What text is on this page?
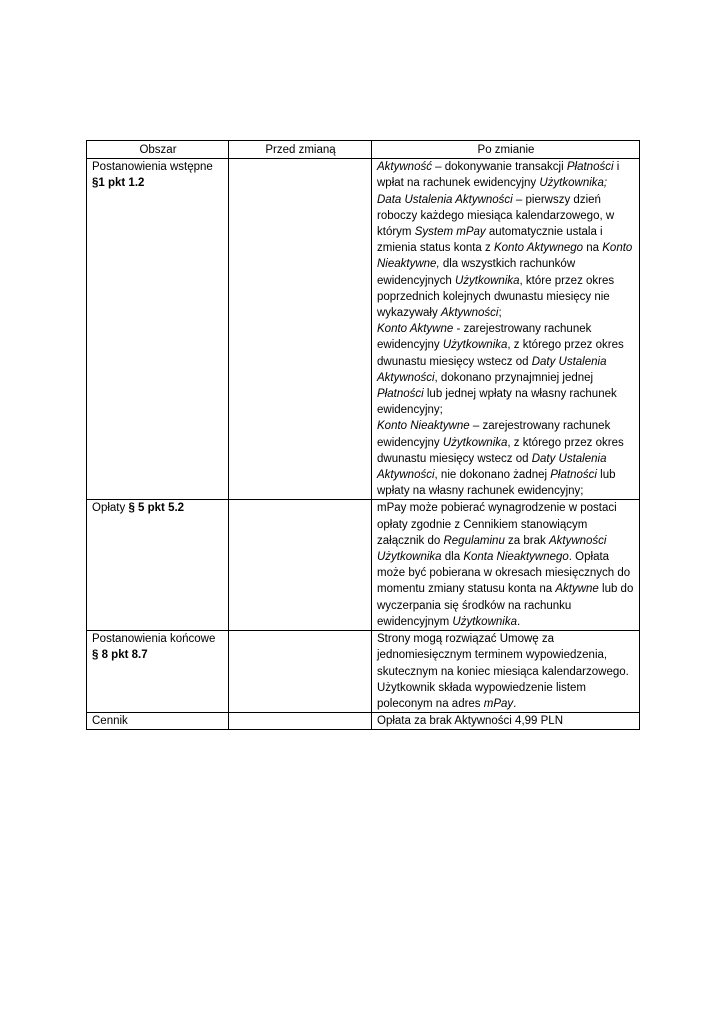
Obszar	Przed zmianą	Po zmianie
Postanowienia wstępne §1 pkt 1.2		Aktywność – dokonywanie transakcji Płatności i wpłat na rachunek ewidencyjny Użytkownika;
Data Ustalenia Aktywności – pierwszy dzień roboczy każdego miesiąca kalendarzowego, w którym System mPay automatycznie ustala i zmienia status konta z Konto Aktywnego na Konto Nieaktywne, dla wszystkich rachunków ewidencyjnych Użytkownika, które przez okres poprzednich kolejnych dwunastu miesięcy nie wykazywały Aktywności;
Konto Aktywne - zarejestrowany rachunek ewidencyjny Użytkownika, z którego przez okres dwunastu miesięcy wstecz od Daty Ustalenia Aktywności, dokonano przynajmniej jednej Płatności lub jednej wpłaty na własny rachunek ewidencyjny;
Konto Nieaktywne – zarejestrowany rachunek ewidencyjny Użytkownika, z którego przez okres dwunastu miesięcy wstecz od Daty Ustalenia Aktywności, nie dokonano żadnej Płatności lub wpłaty na własny rachunek ewidencyjny;

Opłaty § 5 pkt 5.2		mPay może pobierać wynagrodzenie w postaci opłaty zgodnie z Cennikiem stanowiącym załącznik do Regulaminu za brak Aktywności Użytkownika dla Konta Nieaktywnego. Opłata może być pobierana w okresach miesięcznych do momentu zmiany statusu konta na Aktywne lub do wyczerpania się środków na rachunku ewidencyjnym Użytkownika.

Postanowienia końcowe § 8 pkt 8.7		Strony mogą rozwiązać Umowę za jednomiesięcznym terminem wypowiedzenia, skutecznym na koniec miesiąca kalendarzowego. Użytkownik składa wypowiedzenie listem poleconym na adres mPay.

Cennik		Opłata za brak Aktywności 4,99 PLN
